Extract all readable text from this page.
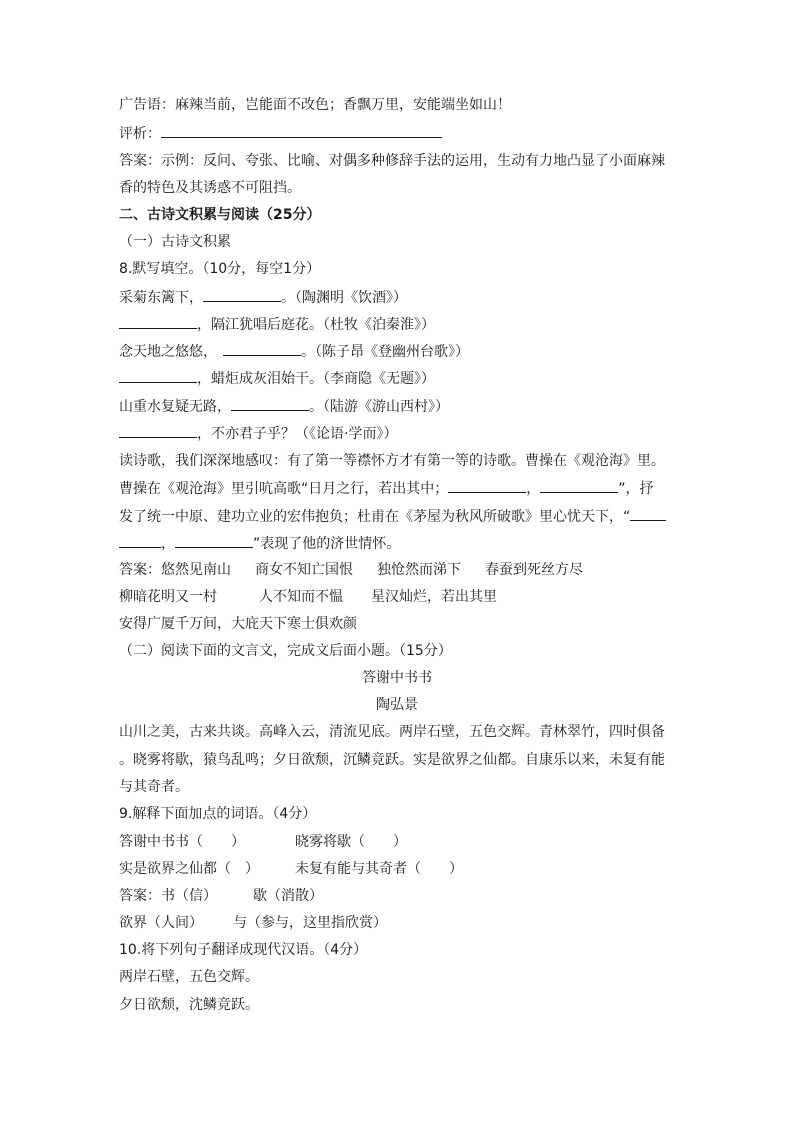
广告语：麻辣当前，岂能面不改色；香飘万里，安能端坐如山！
评析：
答案：示例：反问、夸张、比喻、对偶多种修辞手法的运用，生动有力地凸显了小面麻辣
香的特色及其诱惑不可阻挡。
二、古诗文积累与阅读（25分）
（一）古诗文积累
8.默写填空。（10分，每空1分）
采菊东篱下，	。（陶渊明《饮酒》）
，隔江犹唱后庭花。（杜牧《泊秦淮》）
念天地之悠悠，	。（陈子昂《登幽州台歌》）
，蜡炬成灰泪始干。（李商隐《无题》）
山重水复疑无路，	。（陆游《游山西村》）
，不亦君子乎？（《论语·学而》）
读诗歌，我们深深地感叹：有了第一等襟怀方才有第一等的诗歌。曹操在《观沧海》里。
曹操在《观沧海》里引吭高歌“日月之行，若出其中；	，	”，抒
发了统一中原、建功立业的宏伟抱负；杜甫在《茅屋为秋风所破歌》里心忧天下，“
，	”表现了他的济世情怀。
答案：悠然见南山 商女不知亡国恨 独怆然而涕下 春蚕到死丝方尽
柳暗花明又一村	人不知而不愠 星汉灿烂，若出其里
安得广厦千万间，大庇天下寒士俱欢颜
（二）阅读下面的文言文，完成文后面小题。（15分）
答谢中书书
陶弘景
山川之美，古来共谈。高峰入云，清流见底。两岸石壁，五色交辉。青林翠竹，四时俱备
。晓雾将歇，猿鸟乱鸣；夕日欲颓，沉鳞竞跃。实是欲界之仙都。自康乐以来，未复有能
与其奇者。
9.解释下面加点的词语。（4分）
答谢中书书（　　）	晓雾将歇（　　）
实是欲界之仙都（　）	未复有能与其奇者（　　）
答案：书（信）	歇（消散）
欲界（人间） 与（参与，这里指欣赏）
10.将下列句子翻译成现代汉语。（4分）
两岸石壁，五色交辉。
夕日欲颓，沈鳞竞跃。
